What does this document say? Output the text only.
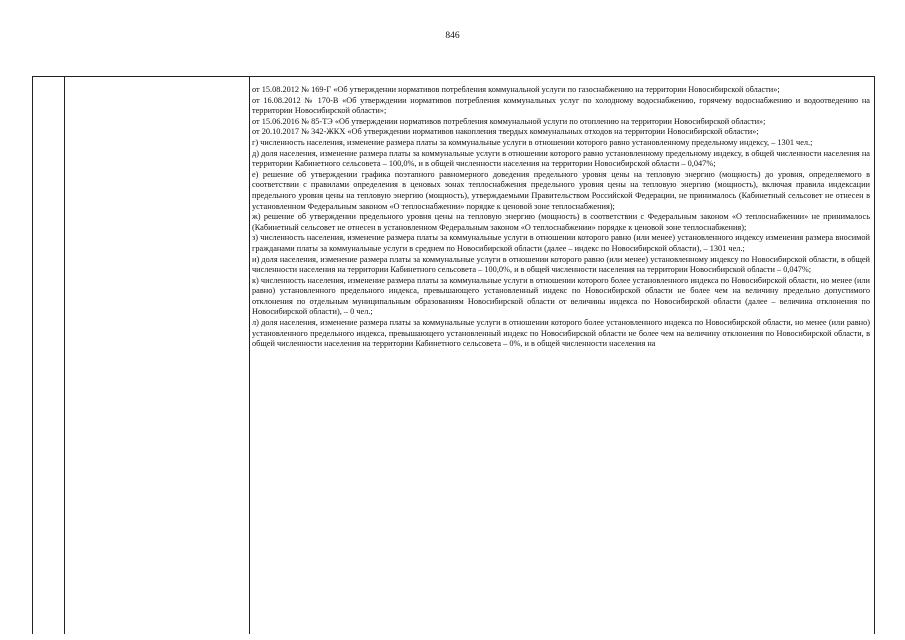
846

от 15.08.2012 № 169-Г «Об утверждении нормативов потребления коммунальной услуги по газоснабжению на территории Новосибирской области»;

от 16.08.2012 № 170-В «Об утверждении нормативов потребления коммунальных услуг по холодному водоснабжению, горячему водоснабжению и водоотведению на территории Новосибирской области»;

от 15.06.2016 № 85-ТЭ «Об утверждении нормативов потребления коммунальной услуги по отоплению на территории Новосибирской области»;

от 20.10.2017 № 342-ЖКХ «Об утверждении нормативов накопления твердых коммунальных отходов на территории Новосибирской области»;

г) численность населения, изменение размера платы за коммунальные услуги в отношении которого равно установленному предельному индексу, – 1301 чел.;

д) доля населения, изменение размера платы за коммунальные услуги в отношении которого равно установленному предельному индексу, в общей численности населения на территории Кабинетного сельсовета – 100,0%, и в общей численности населения на территории Новосибирской области – 0,047%;

е) решение об утверждении графика поэтапного равномерного доведения предельного уровня цены на тепловую энергию (мощность) до уровня, определяемого в соответствии с правилами определения в ценовых зонах теплоснабжения предельного уровня цены на тепловую энергию (мощность), включая правила индексации предельного уровня цены на тепловую энергию (мощность), утверждаемыми Правительством Российской Федерации, не принималось (Кабинетный сельсовет не отнесен в установленном Федеральным законом «О теплоснабжении» порядке к ценовой зоне теплоснабжения);

ж) решение об утверждении предельного уровня цены на тепловую энергию (мощность) в соответствии с Федеральным законом «О теплоснабжении» не принималось (Кабинетный сельсовет не отнесен в установленном Федеральным законом «О теплоснабжении» порядке к ценовой зоне теплоснабжения);

з) численность населения, изменение размера платы за коммунальные услуги в отношении которого равно (или менее) установленного индексу изменения размера вносимой гражданами платы за коммунальные услуги в среднем по Новосибирской области (далее – индекс по Новосибирской области), – 1301 чел.;

и) доля населения, изменение размера платы за коммунальные услуги в отношении которого равно (или менее) установленному индексу по Новосибирской области, в общей численности населения на территории Кабинетного сельсовета – 100,0%, и в общей численности населения на территории Новосибирской области – 0,047%;

к) численность населения, изменение размера платы за коммунальные услуги в отношении которого более установленного индекса по Новосибирской области, но менее (или равно) установленного предельного индекса, превышающего установленный индекс по Новосибирской области не более чем на величину предельно допустимого отклонения по отдельным муниципальным образованиям Новосибирской области от величины индекса по Новосибирской области (далее – величина отклонения по Новосибирской области), – 0 чел.;

л) доля населения, изменение размера платы за коммунальные услуги в отношении которого более установленного индекса по Новосибирской области, но менее (или равно) установленного предельного индекса, превышающего установленный индекс по Новосибирской области не более чем на величину отклонения по Новосибирской области, в общей численности населения на территории Кабинетного сельсовета – 0%, и в общей численности населения на
